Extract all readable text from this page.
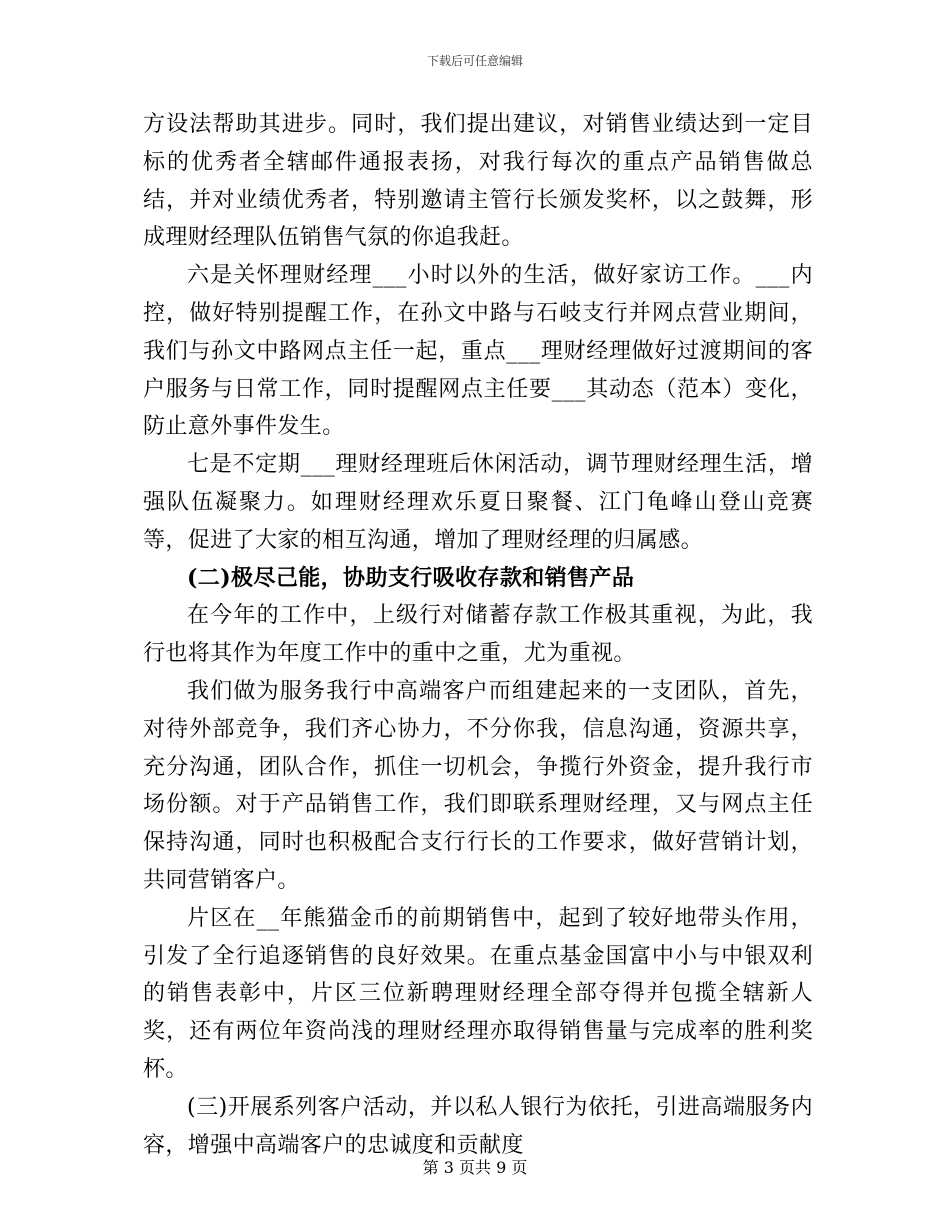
下载后可任意编辑

方设法帮助其进步。同时，我们提出建议，对销售业绩达到一定目标的优秀者全辖邮件通报表扬，对我行每次的重点产品销售做总结，并对业绩优秀者，特别邀请主管行长颁发奖杯，以之鼓舞，形成理财经理队伍销售气氛的你追我赶。

六是关怀理财经理___小时以外的生活，做好家访工作。___内控，做好特别提醒工作，在孙文中路与石岐支行并网点营业期间，我们与孙文中路网点主任一起，重点___理财经理做好过渡期间的客户服务与日常工作，同时提醒网点主任要___其动态（范本）变化，防止意外事件发生。

七是不定期___理财经理班后休闲活动，调节理财经理生活，增强队伍凝聚力。如理财经理欢乐夏日聚餐、江门龟峰山登山竞赛等，促进了大家的相互沟通，增加了理财经理的归属感。

(二)极尽己能，协助支行吸收存款和销售产品

在今年的工作中，上级行对储蓄存款工作极其重视，为此，我行也将其作为年度工作中的重中之重，尤为重视。

我们做为服务我行中高端客户而组建起来的一支团队，首先，对待外部竞争，我们齐心协力，不分你我，信息沟通，资源共享，充分沟通，团队合作，抓住一切机会，争揽行外资金，提升我行市场份额。对于产品销售工作，我们即联系理财经理，又与网点主任保持沟通，同时也积极配合支行行长的工作要求，做好营销计划，共同营销客户。

片区在__年熊猫金币的前期销售中，起到了较好地带头作用，引发了全行追逐销售的良好效果。在重点基金国富中小与中银双利的销售表彰中，片区三位新聘理财经理全部夺得并包揽全辖新人奖，还有两位年资尚浅的理财经理亦取得销售量与完成率的胜利奖杯。

(三)开展系列客户活动，并以私人银行为依托，引进高端服务内容，增强中高端客户的忠诚度和贡献度

第 3 页共 9 页
